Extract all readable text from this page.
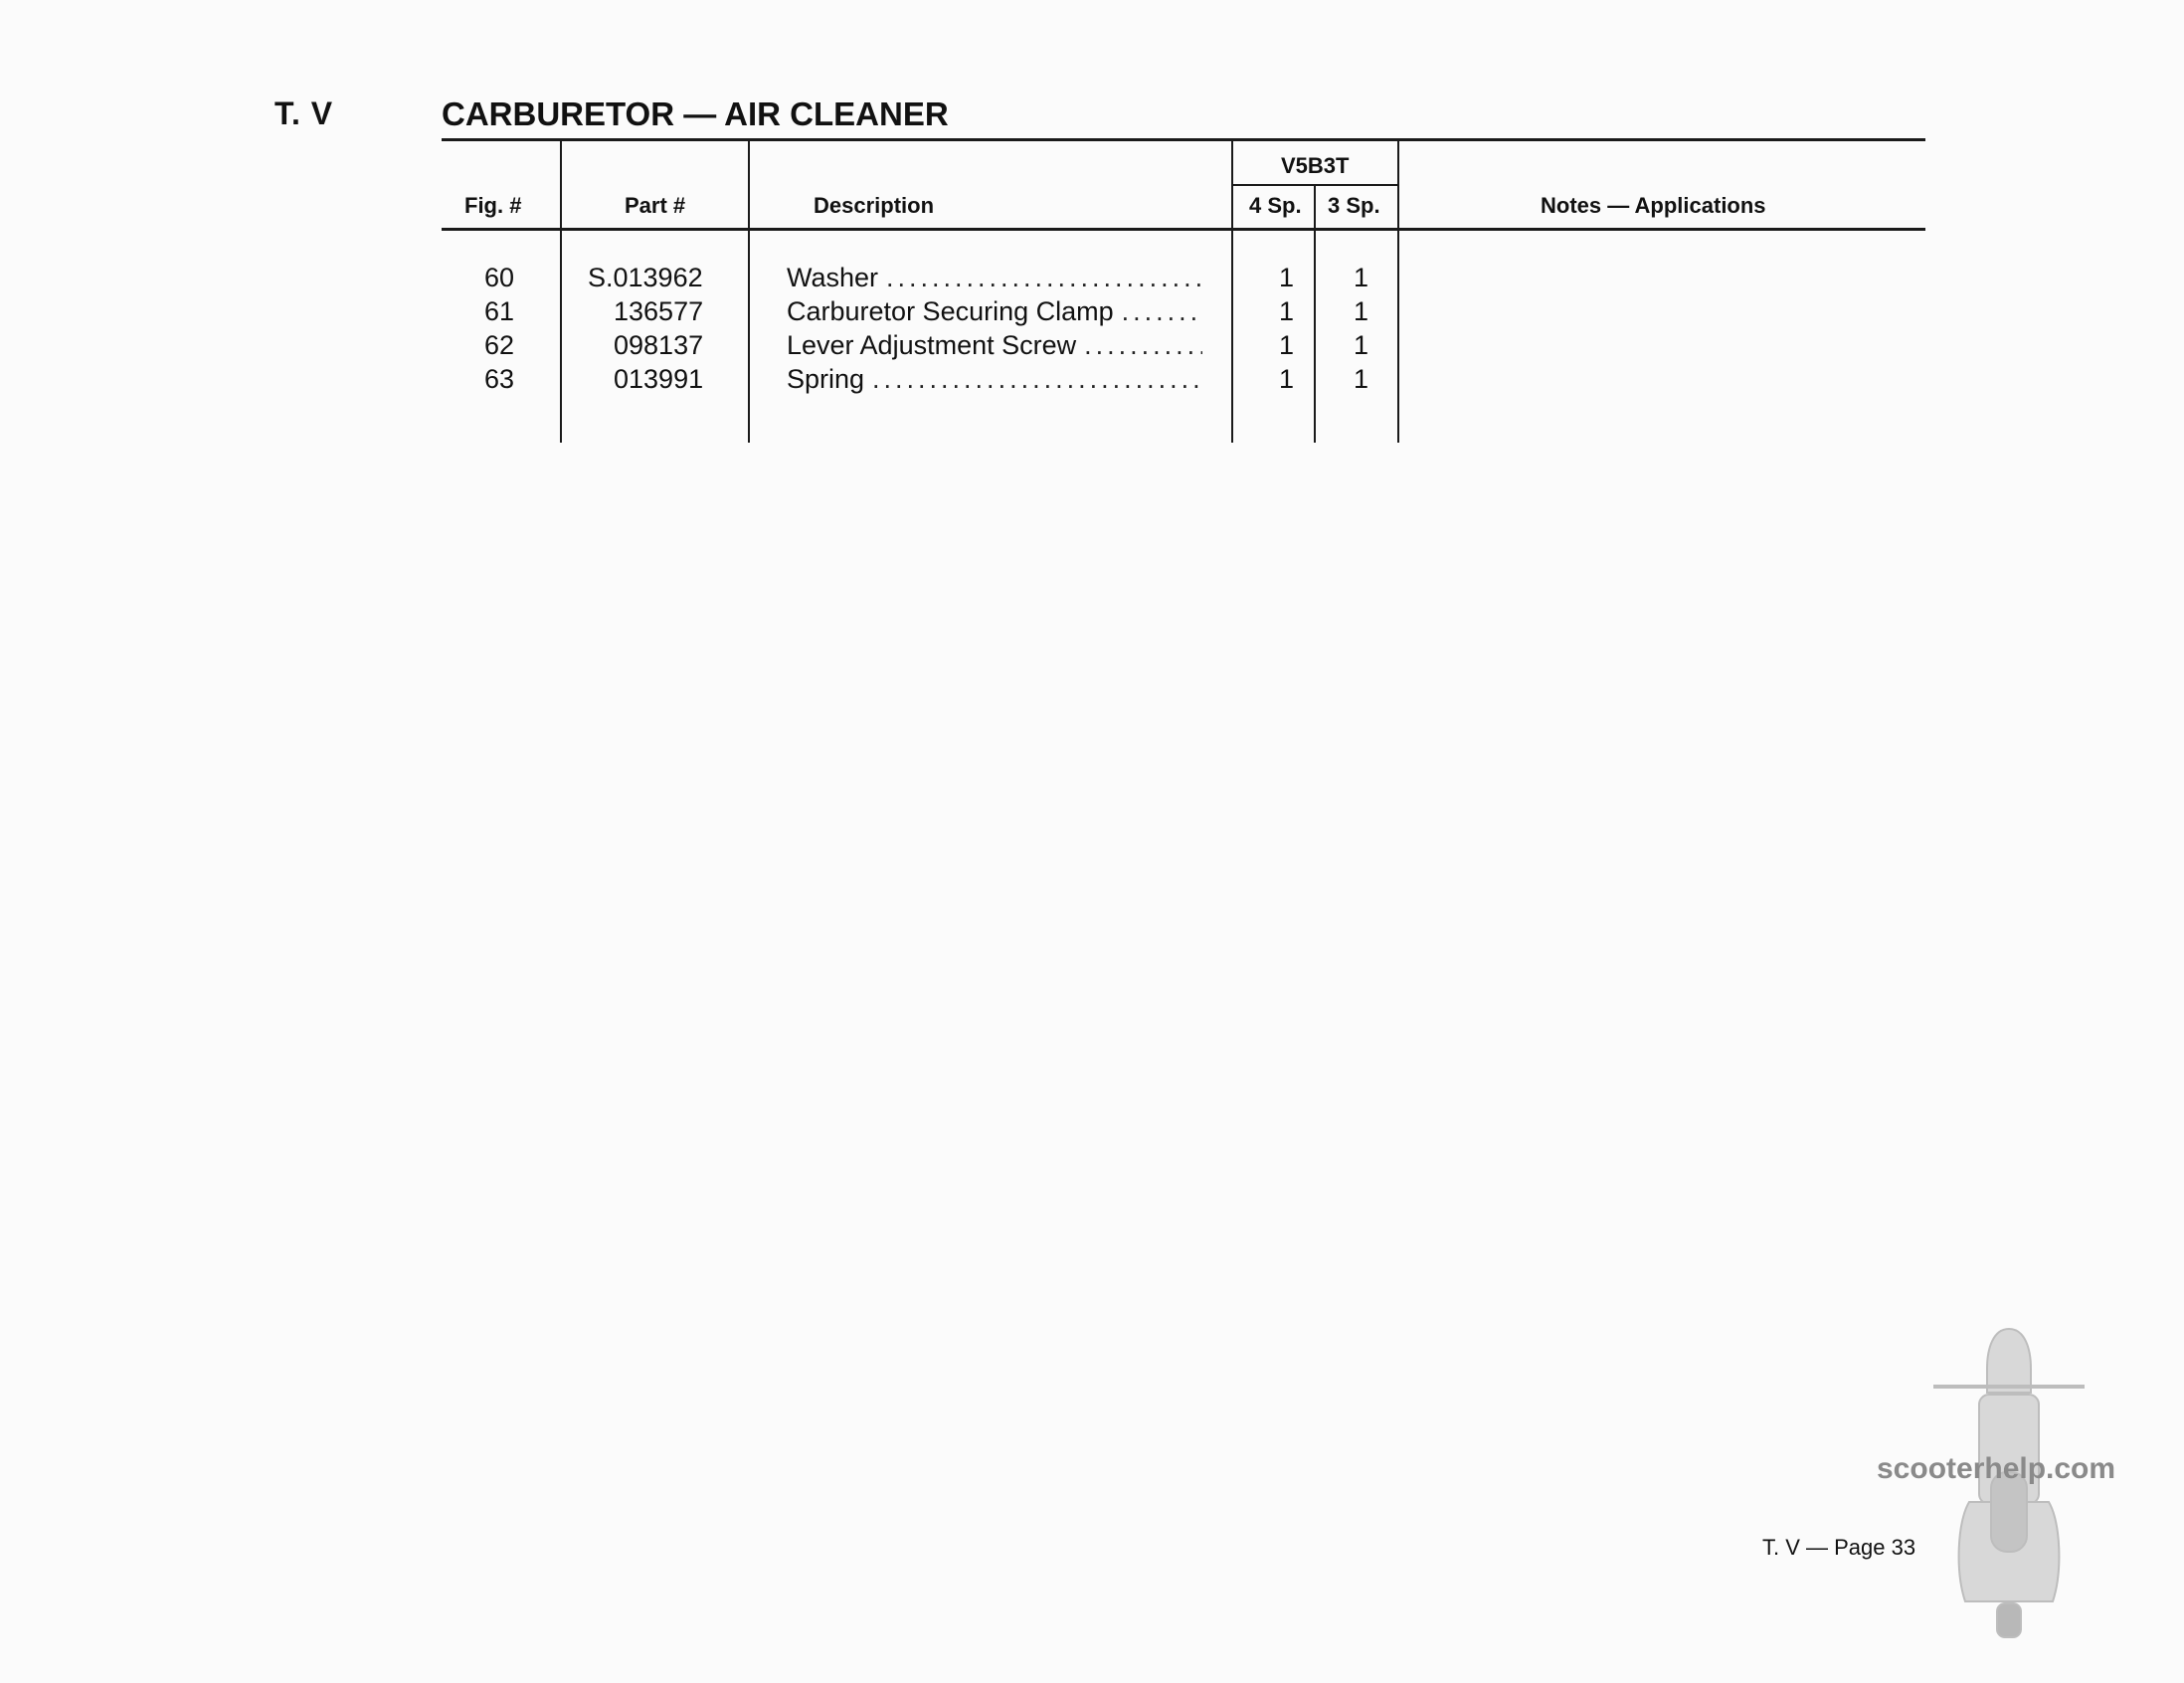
T. V	CARBURETOR — AIR CLEANER
Fig. #	Part #	Description
V5B3T
4 Sp. 3 Sp.	Notes — Applications
60	S.013962	Washer .....	1 1
61	136577	Carburetor Securing Clamp .....	1 1
62	098137	Lever Adjustment Screw .....	1 1
63	013991	Spring .....	1 1
scooterhelp.com
T. V — Page 33
